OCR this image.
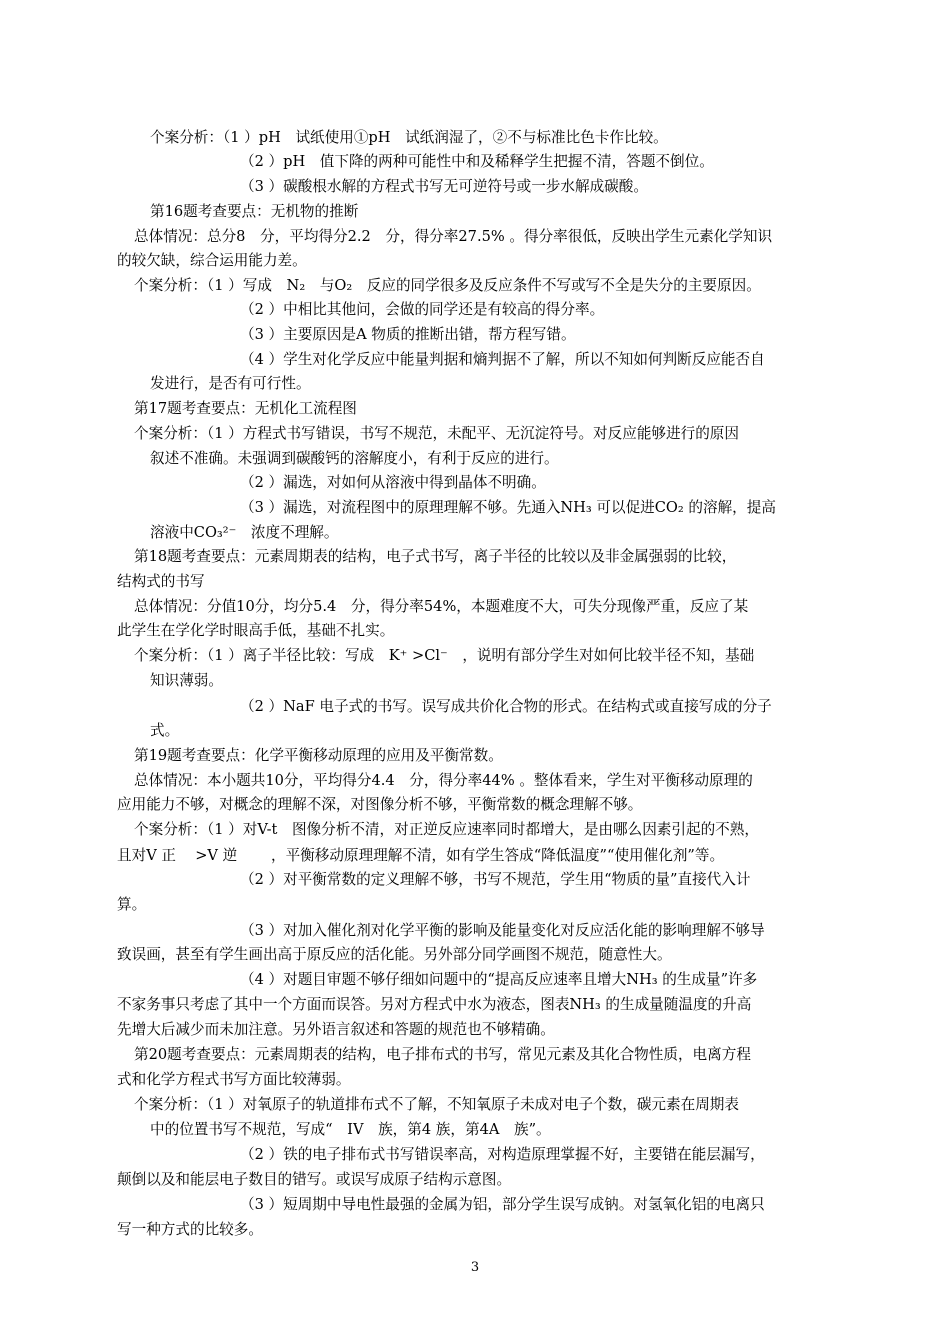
个案分析：（1 ）pH　试纸使用①pH　试纸润湿了，②不与标准比色卡作比较。
（2 ）pH　值下降的两种可能性中和及稀释学生把握不清，答题不倒位。
（3 ）碳酸根水解的方程式书写无可逆符号或一步水解成碳酸。
第16题考查要点：无机物的推断
总体情况：总分8　分，平均得分2.2　分，得分率27.5% 。得分率很低，反映出学生元素化学知识
的较欠缺，综合运用能力差。
个案分析：（1 ）写成　N₂　与O₂　反应的同学很多及反应条件不写或写不全是失分的主要原因。
（2 ）中相比其他问，会做的同学还是有较高的得分率。
（3 ）主要原因是A 物质的推断出错，帮方程写错。
（4 ）学生对化学反应中能量判据和熵判据不了解，所以不知如何判断反应能否自
发进行，是否有可行性。
第17题考查要点：无机化工流程图
个案分析：（1 ）方程式书写错误，书写不规范，未配平、无沉淀符号。对反应能够进行的原因
叙述不准确。未强调到碳酸钙的溶解度小，有利于反应的进行。
（2 ）漏选，对如何从溶液中得到晶体不明确。
（3 ）漏选，对流程图中的原理理解不够。先通入NH₃ 可以促进CO₂ 的溶解，提高
溶液中CO₃²⁻　浓度不理解。
第18题考查要点：元素周期表的结构，电子式书写，离子半径的比较以及非金属强弱的比较，
结构式的书写
总体情况：分值10分，均分5.4　分，得分率54%，本题难度不大，可失分现像严重，反应了某
此学生在学化学时眼高手低，基础不扎实。
个案分析：（1 ）离子半径比较：写成　K⁺ >Cl⁻　，说明有部分学生对如何比较半径不知，基础
知识薄弱。
（2 ）NaF 电子式的书写。误写成共价化合物的形式。在结构式或直接写成的分子
式。
第19题考查要点：化学平衡移动原理的应用及平衡常数。
总体情况：本小题共10分，平均得分4.4　分，得分率44% 。整体看来，学生对平衡移动原理的
应用能力不够，对概念的理解不深，对图像分析不够，平衡常数的概念理解不够。
个案分析：（1 ）对V-t　图像分析不清，对正逆反应速率同时都增大，是由哪么因素引起的不熟，
且对V 正　 >V 逆　　 ，平衡移动原理理解不清，如有学生答成“降低温度”“使用催化剂”等。
（2 ）对平衡常数的定义理解不够，书写不规范，学生用“物质的量”直接代入计
算。
（3 ）对加入催化剂对化学平衡的影响及能量变化对反应活化能的影响理解不够导
致误画，甚至有学生画出高于原反应的活化能。另外部分同学画图不规范，随意性大。
（4 ）对题目审题不够仔细如问题中的“提高反应速率且增大NH₃ 的生成量”许多
不家务事只考虑了其中一个方面而误答。另对方程式中水为液态，图表NH₃ 的生成量随温度的升高
先增大后减少而未加注意。另外语言叙述和答题的规范也不够精确。
第20题考查要点：元素周期表的结构，电子排布式的书写，常见元素及其化合物性质，电离方程
式和化学方程式书写方面比较薄弱。
个案分析：（1 ）对氧原子的轨道排布式不了解，不知氧原子未成对电子个数，碳元素在周期表
中的位置书写不规范，写成“　IV　族，第4 族，第4A　族”。
（2 ）铁的电子排布式书写错误率高，对构造原理掌握不好，主要错在能层漏写，
颠倒以及和能层电子数目的错写。或误写成原子结构示意图。
（3 ）短周期中导电性最强的金属为铝，部分学生误写成钠。对氢氧化铝的电离只
写一种方式的比较多。
3
